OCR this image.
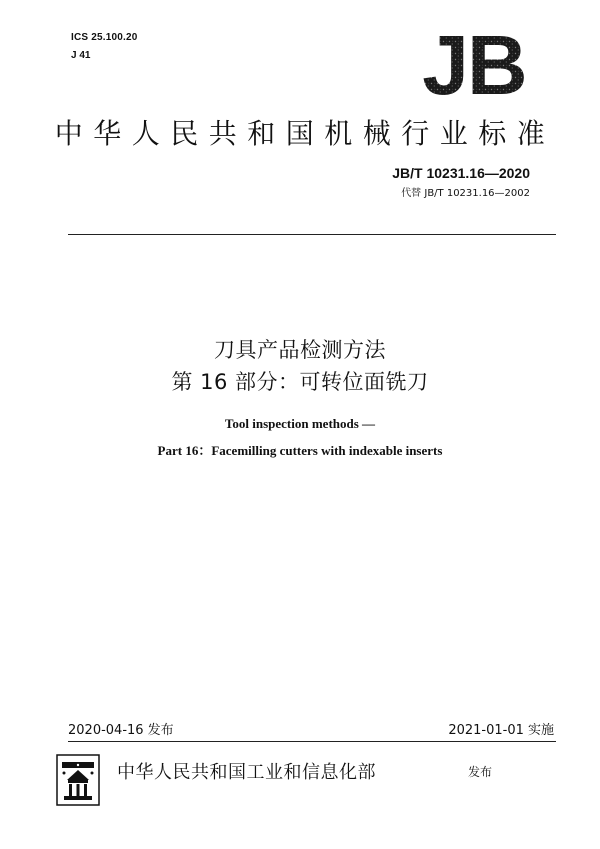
ICS 25.100.20
J 41	JB
中华人民共和国机械行业标准
JB/T 10231.16—2020
代替 JB/T 10231.16—2002
刀具产品检测方法
第 16 部分：可转位面铣刀
Tool inspection methods —
Part 16：Facemilling cutters with indexable inserts
2020-04-16 发布	2021-01-01 实施
中华人民共和国工业和信息化部	发布
